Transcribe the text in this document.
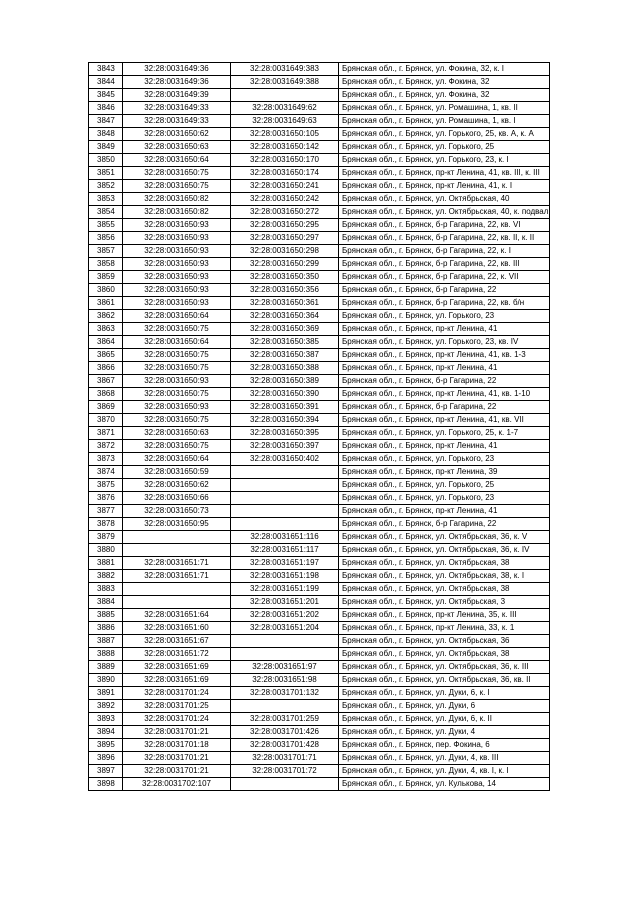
3843	32:28:0031649:36	32:28:0031649:383	Брянская обл., г. Брянск, ул. Фокина, 32, к. I
3844	32:28:0031649:36	32:28:0031649:388	Брянская обл., г. Брянск, ул. Фокина, 32
3845	32:28:0031649:39		Брянская обл., г. Брянск, ул. Фокина, 32
3846	32:28:0031649:33	32:28:0031649:62	Брянская обл., г. Брянск, ул. Ромашина, 1, кв. II
3847	32:28:0031649:33	32:28:0031649:63	Брянская обл., г. Брянск, ул. Ромашина, 1, кв. I
3848	32:28:0031650:62	32:28:0031650:105	Брянская обл., г. Брянск, ул. Горького, 25, кв. А, к. А
3849	32:28:0031650:63	32:28:0031650:142	Брянская обл., г. Брянск, ул. Горького, 25
3850	32:28:0031650:64	32:28:0031650:170	Брянская обл., г. Брянск, ул. Горького, 23, к. I
3851	32:28:0031650:75	32:28:0031650:174	Брянская обл., г. Брянск, пр-кт Ленина, 41, кв. III, к. III
3852	32:28:0031650:75	32:28:0031650:241	Брянская обл., г. Брянск, пр-кт Ленина, 41, к. I
3853	32:28:0031650:82	32:28:0031650:242	Брянская обл., г. Брянск, ул. Октябрьская, 40
3854	32:28:0031650:82	32:28:0031650:272	Брянская обл., г. Брянск, ул. Октябрьская, 40, к. подвал
3855	32:28:0031650:93	32:28:0031650:295	Брянская обл., г. Брянск, б-р Гагарина, 22, кв. VI
3856	32:28:0031650:93	32:28:0031650:297	Брянская обл., г. Брянск, б-р Гагарина, 22, кв. II, к. II
3857	32:28:0031650:93	32:28:0031650:298	Брянская обл., г. Брянск, б-р Гагарина, 22, к. I
3858	32:28:0031650:93	32:28:0031650:299	Брянская обл., г. Брянск, б-р Гагарина, 22, кв. III
3859	32:28:0031650:93	32:28:0031650:350	Брянская обл., г. Брянск, б-р Гагарина, 22, к. VII
3860	32:28:0031650:93	32:28:0031650:356	Брянская обл., г. Брянск, б-р Гагарина, 22
3861	32:28:0031650:93	32:28:0031650:361	Брянская обл., г. Брянск, б-р Гагарина, 22, кв. б/н
3862	32:28:0031650:64	32:28:0031650:364	Брянская обл., г. Брянск, ул. Горького, 23
3863	32:28:0031650:75	32:28:0031650:369	Брянская обл., г. Брянск, пр-кт Ленина, 41
3864	32:28:0031650:64	32:28:0031650:385	Брянская обл., г. Брянск, ул. Горького, 23, кв. IV
3865	32:28:0031650:75	32:28:0031650:387	Брянская обл., г. Брянск, пр-кт Ленина, 41, кв. 1-3
3866	32:28:0031650:75	32:28:0031650:388	Брянская обл., г. Брянск, пр-кт Ленина, 41
3867	32:28:0031650:93	32:28:0031650:389	Брянская обл., г. Брянск, б-р Гагарина, 22
3868	32:28:0031650:75	32:28:0031650:390	Брянская обл., г. Брянск, пр-кт Ленина, 41, кв. 1-10
3869	32:28:0031650:93	32:28:0031650:391	Брянская обл., г. Брянск, б-р Гагарина, 22
3870	32:28:0031650:75	32:28:0031650:394	Брянская обл., г. Брянск, пр-кт Ленина, 41, кв. VII
3871	32:28:0031650:63	32:28:0031650:395	Брянская обл., г. Брянск, ул. Горького, 25, к. 1-7
3872	32:28:0031650:75	32:28:0031650:397	Брянская обл., г. Брянск, пр-кт Ленина, 41
3873	32:28:0031650:64	32:28:0031650:402	Брянская обл., г. Брянск, ул. Горького, 23
3874	32:28:0031650:59		Брянская обл., г. Брянск, пр-кт Ленина, 39
3875	32:28:0031650:62		Брянская обл., г. Брянск, ул. Горького, 25
3876	32:28:0031650:66		Брянская обл., г. Брянск, ул. Горького, 23
3877	32:28:0031650:73		Брянская обл., г. Брянск, пр-кт Ленина, 41
3878	32:28:0031650:95		Брянская обл., г. Брянск, б-р Гагарина, 22
3879		32:28:0031651:116	Брянская обл., г. Брянск, ул. Октябрьская, 36, к. V
3880		32:28:0031651:117	Брянская обл., г. Брянск, ул. Октябрьская, 36, к. IV
3881	32:28:0031651:71	32:28:0031651:197	Брянская обл., г. Брянск, ул. Октябрьская, 38
3882	32:28:0031651:71	32:28:0031651:198	Брянская обл., г. Брянск, ул. Октябрьская, 38, к. I
3883		32:28:0031651:199	Брянская обл., г. Брянск, ул. Октябрьская, 38
3884		32:28:0031651:201	Брянская обл., г. Брянск, ул. Октябрьская, 3
3885	32:28:0031651:64	32:28:0031651:202	Брянская обл., г. Брянск, пр-кт Ленина, 35, к. III
3886	32:28:0031651:60	32:28:0031651:204	Брянская обл., г. Брянск, пр-кт Ленина, 33, к. 1
3887	32:28:0031651:67		Брянская обл., г. Брянск, ул. Октябрьская, 36
3888	32:28:0031651:72		Брянская обл., г. Брянск, ул. Октябрьская, 38
3889	32:28:0031651:69	32:28:0031651:97	Брянская обл., г. Брянск, ул. Октябрьская, 36, к. III
3890	32:28:0031651:69	32:28:0031651:98	Брянская обл., г. Брянск, ул. Октябрьская, 36, кв. II
3891	32:28:0031701:24	32:28:0031701:132	Брянская обл., г. Брянск, ул. Дуки, 6, к. I
3892	32:28:0031701:25		Брянская обл., г. Брянск, ул. Дуки, 6
3893	32:28:0031701:24	32:28:0031701:259	Брянская обл., г. Брянск, ул. Дуки, 6, к. II
3894	32:28:0031701:21	32:28:0031701:426	Брянская обл., г. Брянск, ул. Дуки, 4
3895	32:28:0031701:18	32:28:0031701:428	Брянская обл., г. Брянск, пер. Фокина, 6
3896	32:28:0031701:21	32:28:0031701:71	Брянская обл., г. Брянск, ул. Дуки, 4, кв. III
3897	32:28:0031701:21	32:28:0031701:72	Брянская обл., г. Брянск, ул. Дуки, 4, кв. I, к. I
3898	32:28:0031702:107		Брянская обл., г. Брянск, ул. Кулькова, 14
